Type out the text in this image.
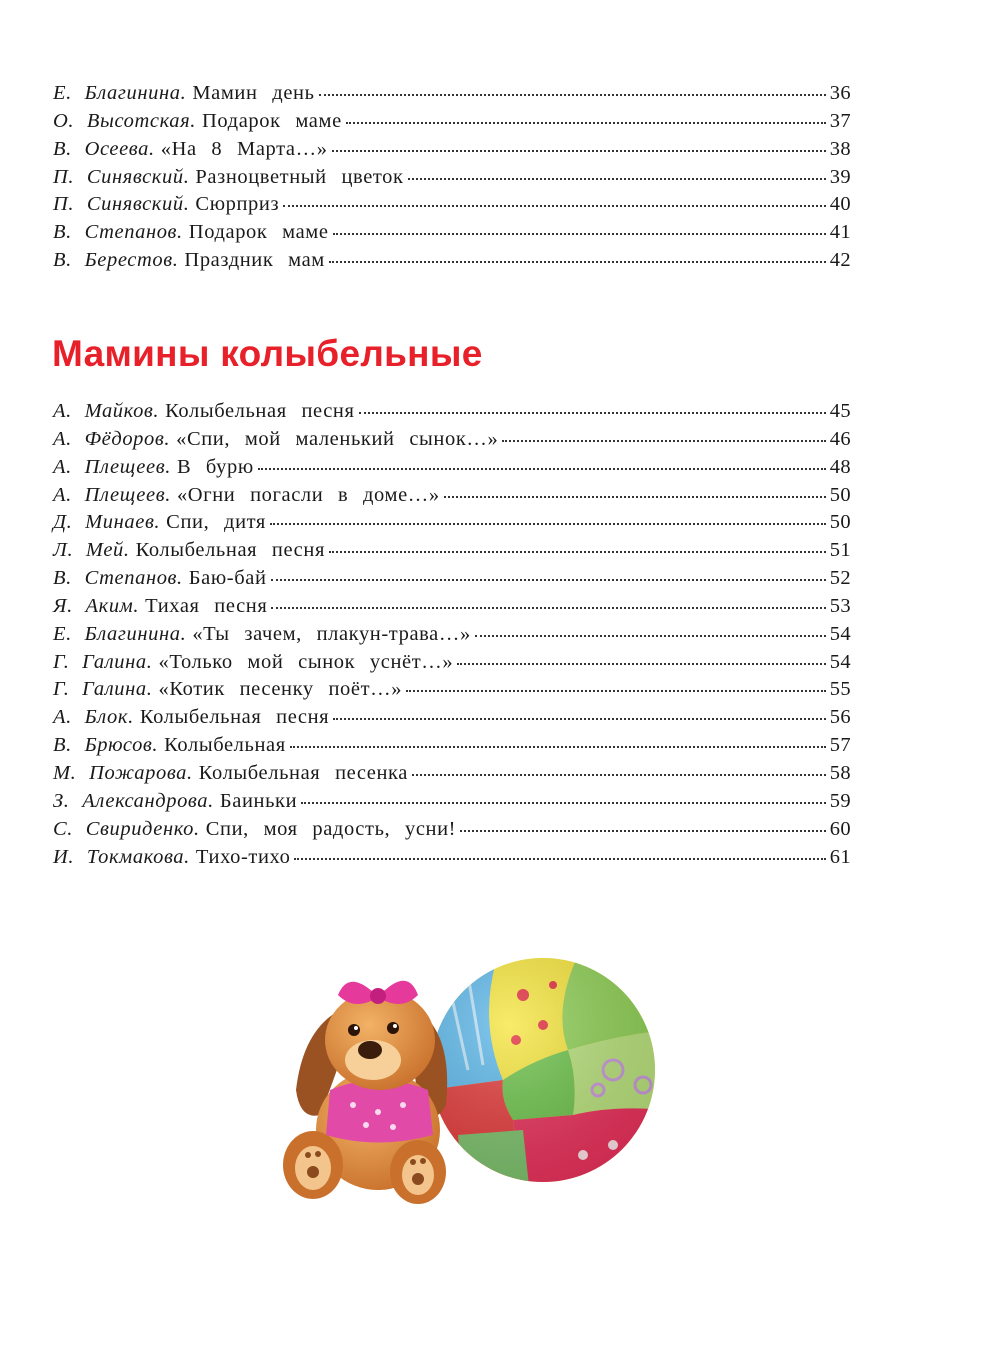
Е. Благинина. Мамин день	36
О. Высотская. Подарок маме	37
В. Осеева. «На 8 Марта…»	38
П. Синявский. Разноцветный цветок	39
П. Синявский. Сюрприз	40
В. Степанов. Подарок маме	41
В. Берестов. Праздник мам	42
Мамины колыбельные
А. Майков. Колыбельная песня	45
А. Фёдоров. «Спи, мой маленький сынок…»	46
А. Плещеев. В бурю	48
А. Плещеев. «Огни погасли в доме…»	50
Д. Минаев. Спи, дитя	50
Л. Мей. Колыбельная песня	51
В. Степанов. Баю-бай	52
Я. Аким. Тихая песня	53
Е. Благинина. «Ты зачем, плакун-трава…»	54
Г. Галина. «Только мой сынок уснёт…»	54
Г. Галина. «Котик песенку поёт…»	55
А. Блок. Колыбельная песня	56
В. Брюсов. Колыбельная	57
М. Пожарова. Колыбельная песенка	58
З. Александрова. Баиньки	59
С. Свириденко. Спи, моя радость, усни!	60
И. Токмакова. Тихо-тихо	61
